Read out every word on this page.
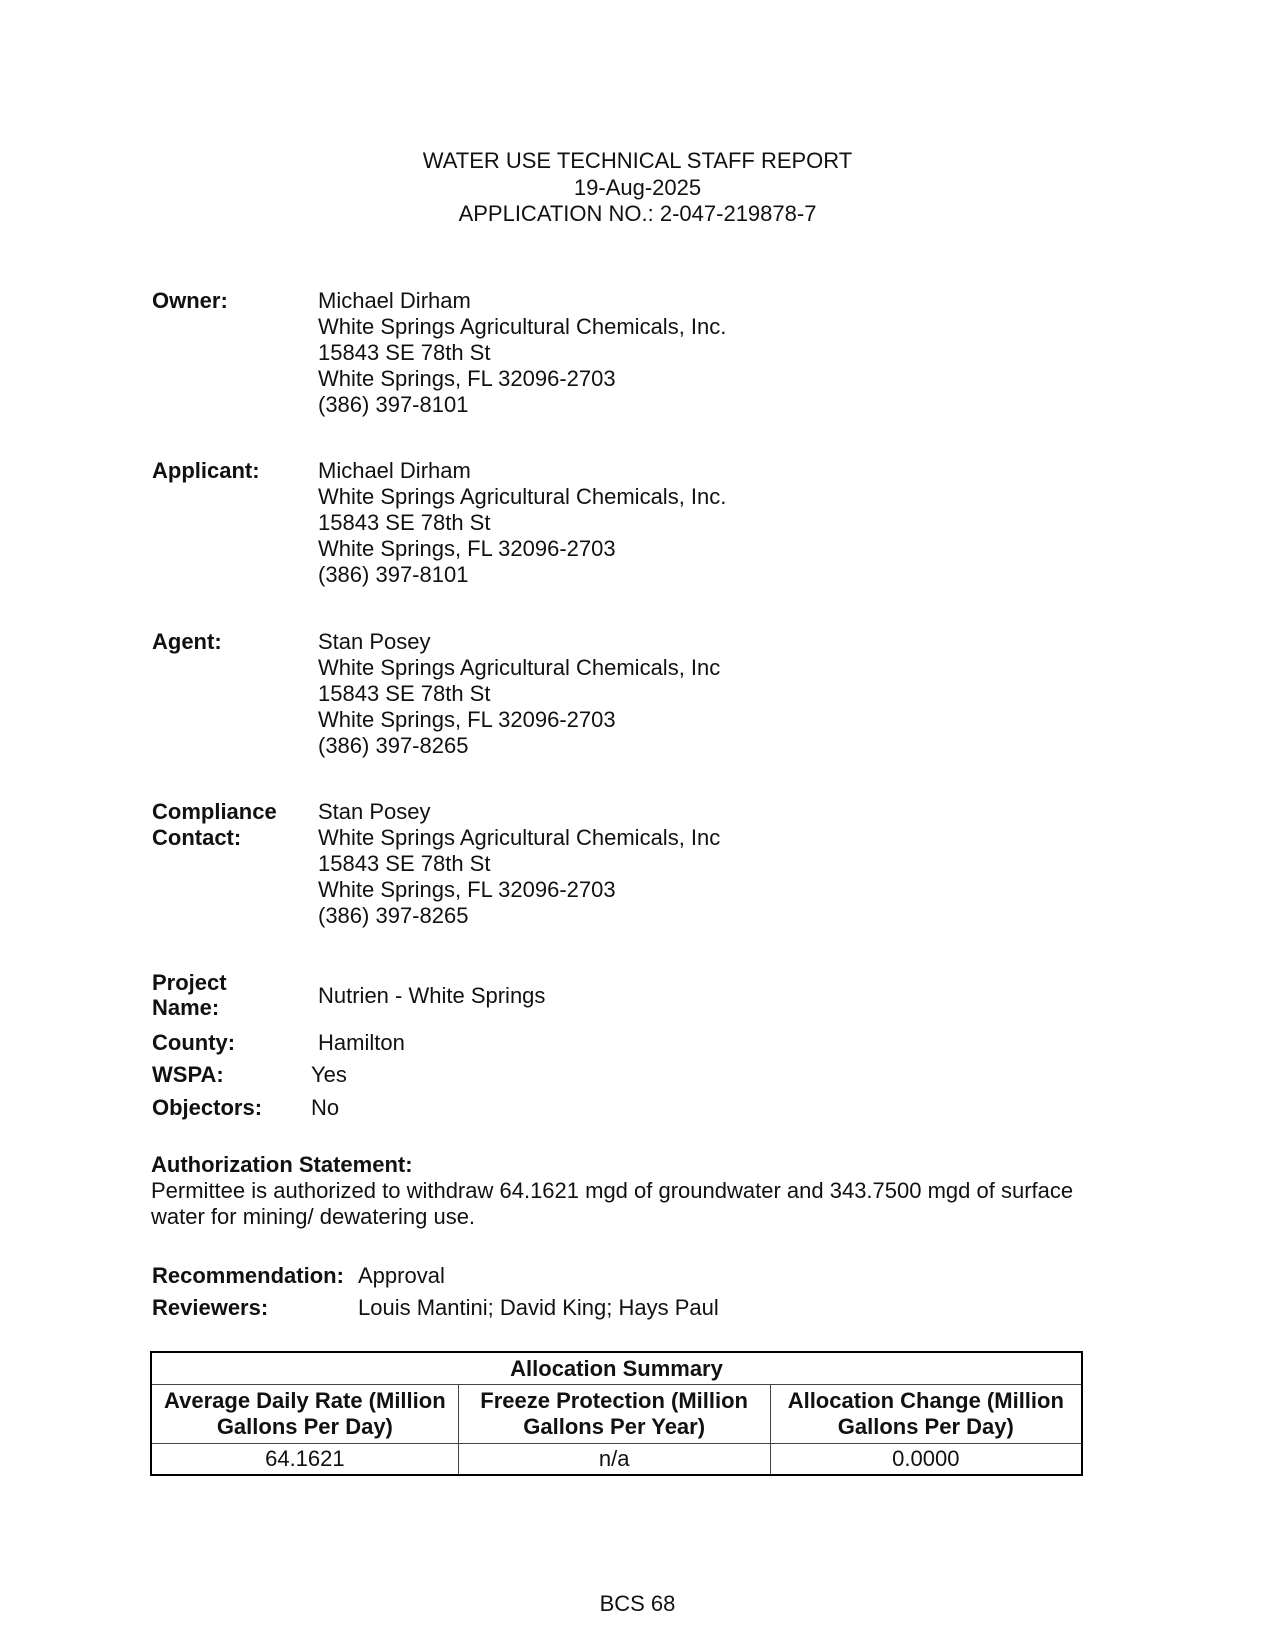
WATER USE TECHNICAL STAFF REPORT
19-Aug-2025
APPLICATION NO.: 2-047-219878-7
Owner:	Michael Dirham
White Springs Agricultural Chemicals, Inc.
15843 SE 78th St
White Springs, FL 32096-2703
(386) 397-8101
Applicant:	Michael Dirham
White Springs Agricultural Chemicals, Inc.
15843 SE 78th St
White Springs, FL 32096-2703
(386) 397-8101
Agent:	Stan Posey
White Springs Agricultural Chemicals, Inc
15843 SE 78th St
White Springs, FL 32096-2703
(386) 397-8265
Compliance
Contact:
Stan Posey
White Springs Agricultural Chemicals, Inc
15843 SE 78th St
White Springs, FL 32096-2703
(386) 397-8265
Project
Name:	Nutrien - White Springs
County:	Hamilton
WSPA:	Yes
Objectors: No
Authorization Statement:
Permittee is authorized to withdraw 64.1621 mgd of groundwater and 343.7500 mgd of surface water for mining/ dewatering use.
Recommendation: Approval
Reviewers:	Louis Mantini; David King; Hays Paul
Allocation Summary		
Average Daily Rate (Million Gallons Per Day)	Freeze Protection (Million Gallons Per Year)	Allocation Change (Million Gallons Per Day)
64.1621	n/a	0.0000
BCS 68
